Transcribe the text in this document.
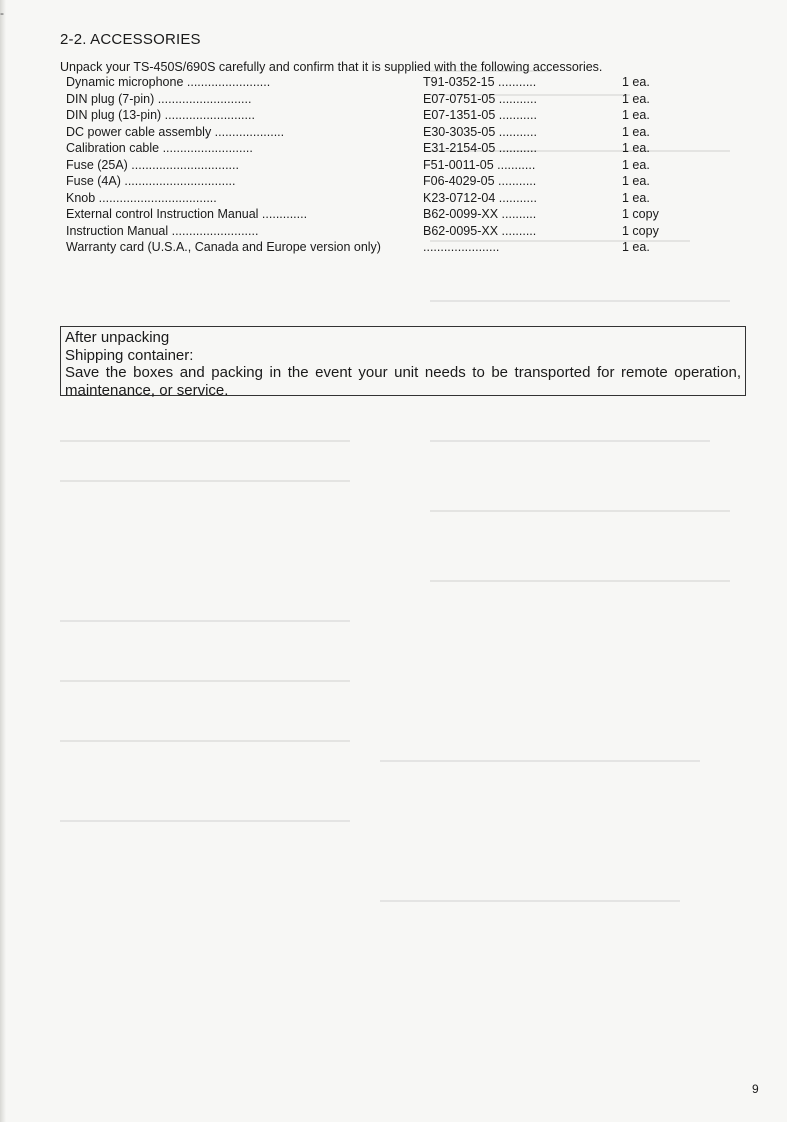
-
2-2. ACCESSORIES

Unpack your TS-450S/690S carefully and confirm that it is supplied with the following accessories.

Dynamic microphone ........................	T91-0352-15 ...........	1 ea.
DIN plug (7-pin) ...........................	E07-0751-05 ...........	1 ea.
DIN plug (13-pin) ..........................	E07-1351-05 ...........	1 ea.
DC power cable assembly ....................	E30-3035-05 ...........	1 ea.
Calibration cable ..........................	E31-2154-05 ...........	1 ea.
Fuse (25A) ...............................	F51-0011-05 ...........	1 ea.
Fuse (4A) ................................	F06-4029-05 ...........	1 ea.
Knob ..................................	K23-0712-04 ...........	1 ea.
External control Instruction Manual .............	B62-0099-XX ..........	1 copy
Instruction Manual .........................	B62-0095-XX ..........	1 copy
Warranty card (U.S.A., Canada and Europe version only)	......................	1 ea.

After unpacking

Shipping container:

Save the boxes and packing in the event your unit needs to be transported for remote operation, maintenance, or service.

9
